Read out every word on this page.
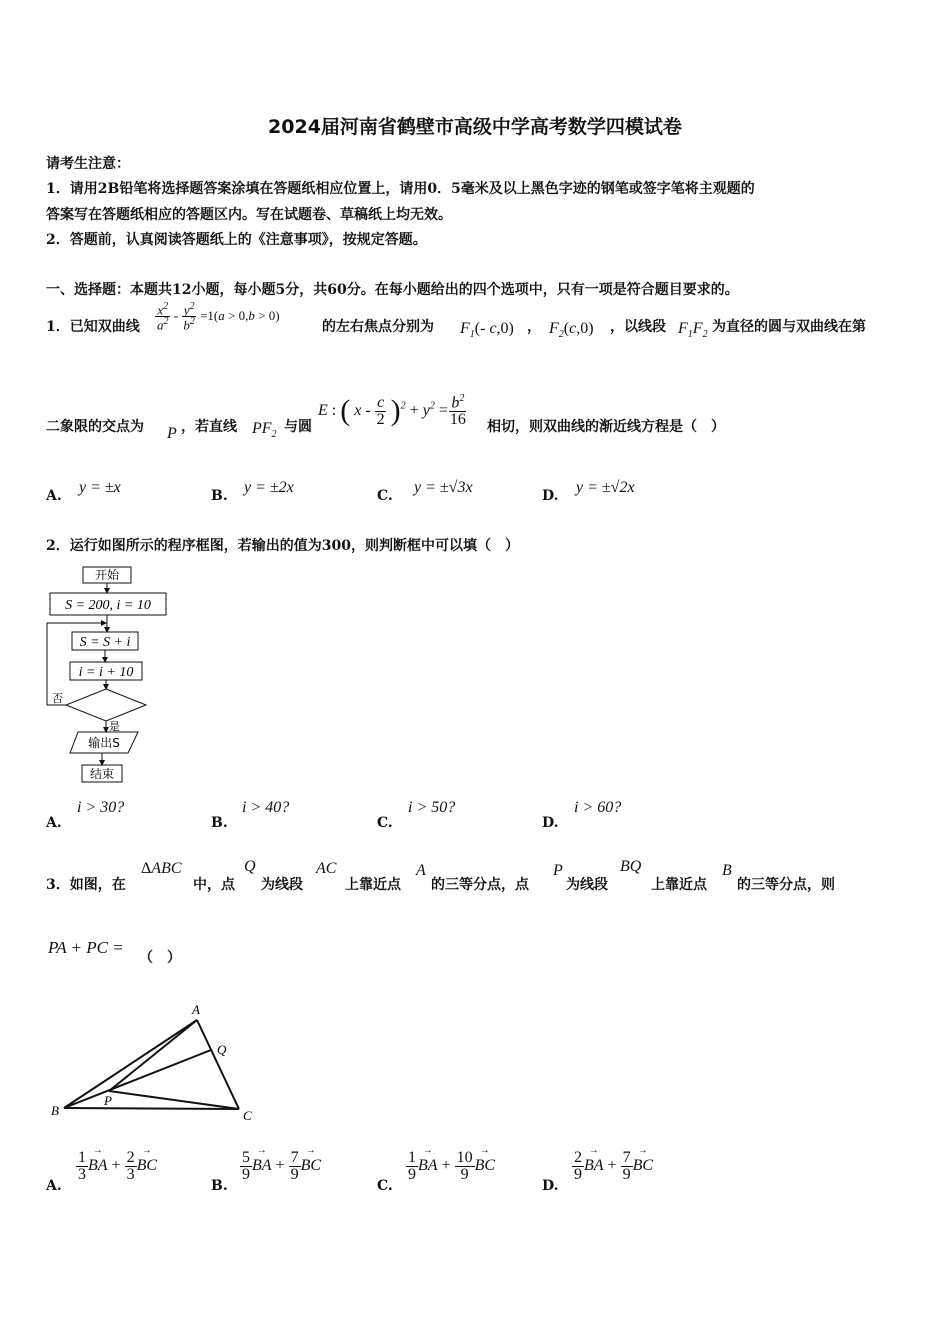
2024届河南省鹤壁市高级中学高考数学四模试卷
请考生注意：
1．请用2B铅笔将选择题答案涂填在答题纸相应位置上，请用0．5毫米及以上黑色字迹的钢笔或签字笔将主观题的
答案写在答题纸相应的答题区内。写在试题卷、草稿纸上均无效。
2．答题前，认真阅读答题纸上的《注意事项》，按规定答题。
一、选择题：本题共12小题，每小题5分，共60分。在每小题给出的四个选项中，只有一项是符合题目要求的。
1．已知双曲线 $\frac{x^2}{a^2} - \frac{y^2}{b^2} =1(a > 0,b > 0)$
的左右焦点分别为 $F_1(-$ c,0) ， $F_2(c,0)$ ，以线段 $F_1F_2$ 为直径的圆与双曲线在第
二象限的交点为 P ，若直线 $PF_2$ 与圆
E : ( $x - \frac{c}{2} )^2 + y^2 = \frac{b^2}{16}$ 相切，则双曲线的渐近线方程是（　）
A. y = ±x	B. y = ±2x	C. y = ±√3x	D. y = ±√2x
2．运行如图所示的程序框图，若输出的值为300，则判断框中可以填（　）
开始
S = 200, i = 10
S = S + i
i = i + 10
否
是
输出S
结束
A.
i > 30?
B.
i > 40?
C.
i > 50?
D.
i > 60?
3．如图，在
ΔABC
中，点
Q
为线段
AC
上靠近点
A
的三等分点，点
P
为线段
BQ
上靠近点
B
的三等分点，则
PA + PC =
（　）
A
Q
B
P
C
A.
$\frac{1}{3}$ → BA + $\frac{2}{3}$ → BC
B.
$\frac{5}{9}$ → BA + $\frac{7}{9}$ → BC
C.
$\frac{1}{9}$ → BA + $\frac{10}{9}$ → BC
D.
$\frac{2}{9}$ → BA + $\frac{7}{9}$ → BC
